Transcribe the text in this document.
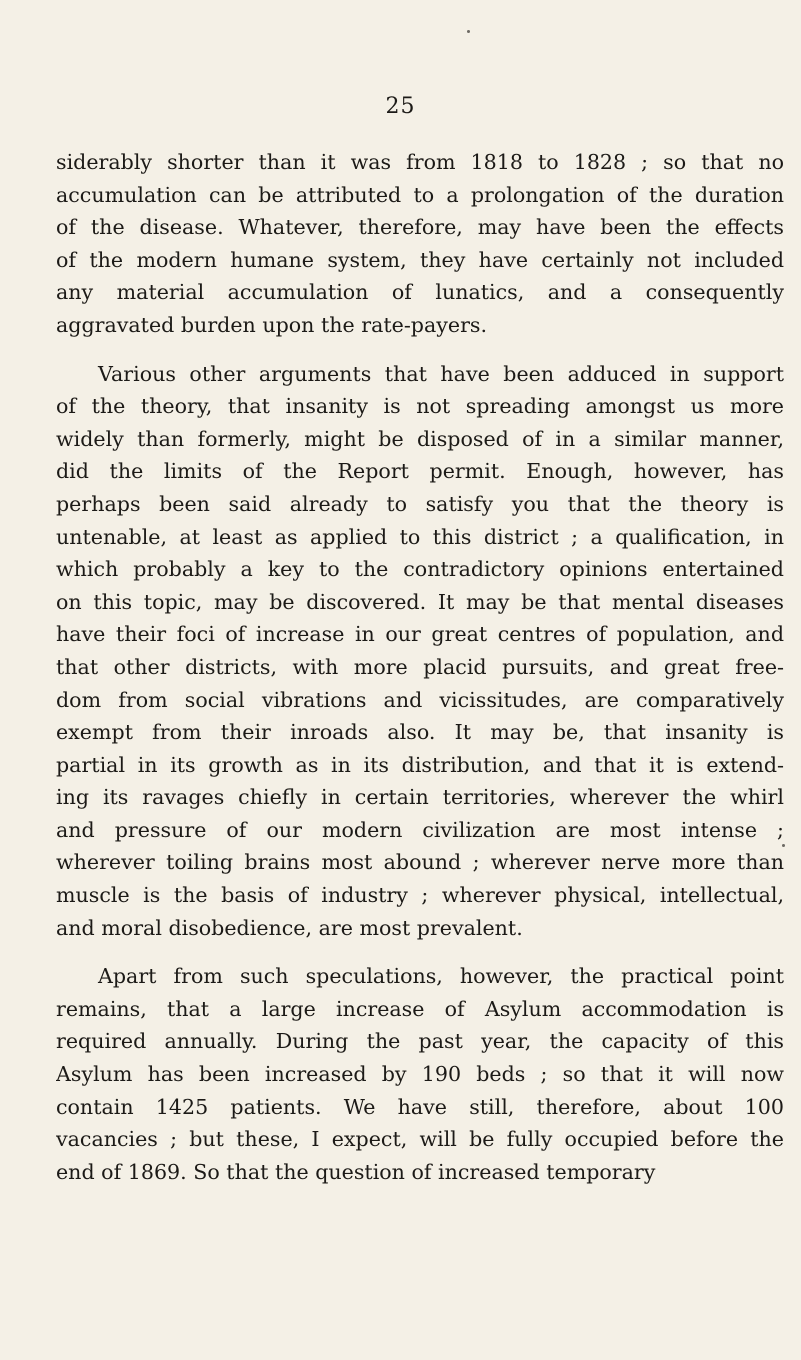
25
siderably shorter than it was from 1818 to 1828 ; so that no
accumulation can be attributed to a prolongation of the duration
of the disease. Whatever, therefore, may have been the effects
of the modern humane system, they have certainly not included
any material accumulation of lunatics, and a consequently
aggravated burden upon the rate-payers.
Various other arguments that have been adduced in support
of the theory, that insanity is not spreading amongst us more
widely than formerly, might be disposed of in a similar manner,
did the limits of the Report permit. Enough, however, has
perhaps been said already to satisfy you that the theory is
untenable, at least as applied to this district ; a qualification, in
which probably a key to the contradictory opinions entertained
on this topic, may be discovered. It may be that mental diseases
have their foci of increase in our great centres of population, and
that other districts, with more placid pursuits, and great free-
dom from social vibrations and vicissitudes, are comparatively
exempt from their inroads also. It may be, that insanity is
partial in its growth as in its distribution, and that it is extend-
ing its ravages chiefly in certain territories, wherever the whirl
and pressure of our modern civilization are most intense ;
wherever toiling brains most abound ; wherever nerve more than
muscle is the basis of industry ; wherever physical, intellectual,
and moral disobedience, are most prevalent.
Apart from such speculations, however, the practical point
remains, that a large increase of Asylum accommodation is
required annually. During the past year, the capacity of this
Asylum has been increased by 190 beds ; so that it will now
contain 1425 patients. We have still, therefore, about 100
vacancies ; but these, I expect, will be fully occupied before the
end of 1869. So that the question of increased temporary
